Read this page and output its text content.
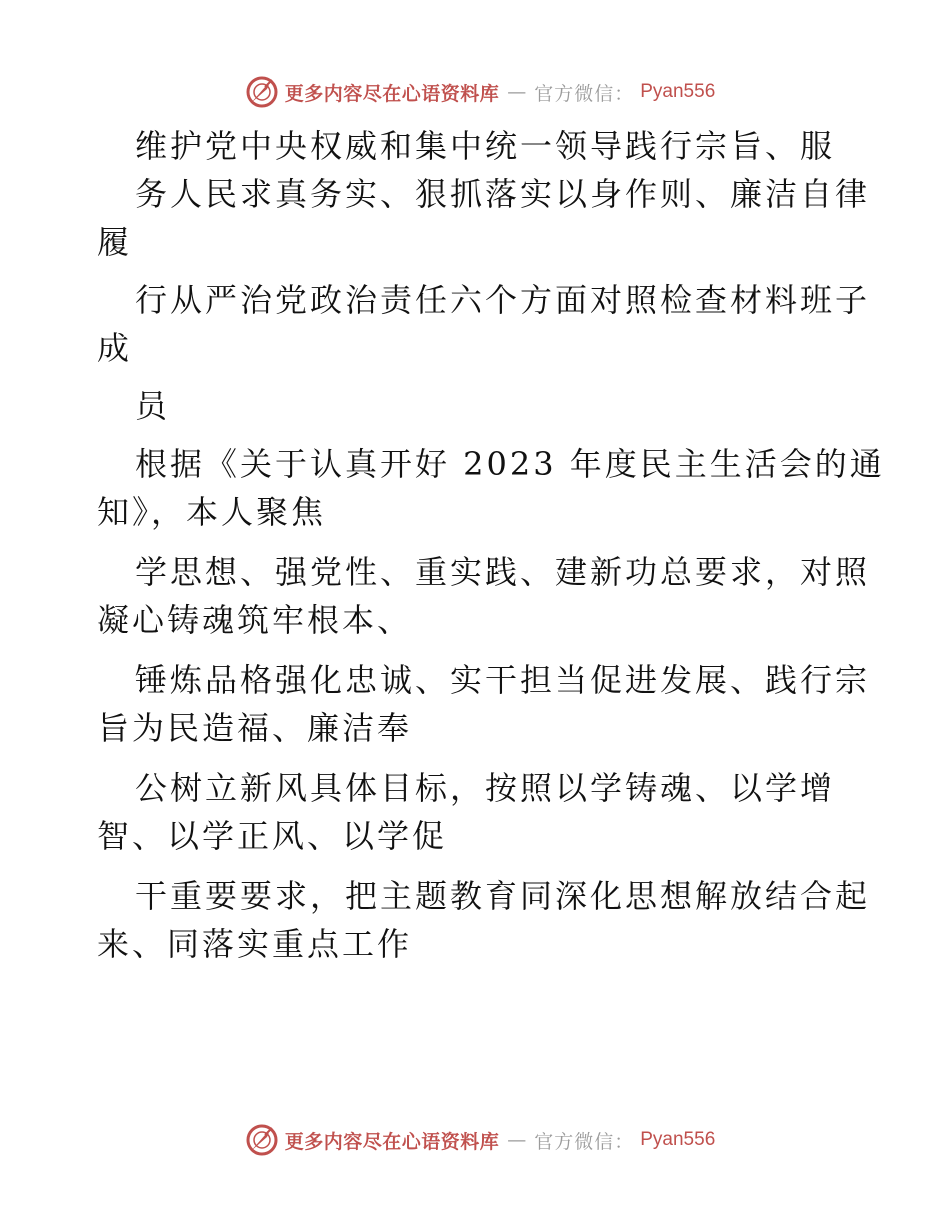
更多内容尽在心语资料库 — 官方微信： Pyan556
维护党中央权威和集中统一领导践行宗旨、服
务人民求真务实、狠抓落实以身作则、廉洁自律
履
行从严治党政治责任六个方面对照检查材料班子
成
员
根据《关于认真开好 2023 年度民主生活会的通
知》，本人聚焦
学思想、强党性、重实践、建新功总要求，对照
凝心铸魂筑牢根本、
锤炼品格强化忠诚、实干担当促进发展、践行宗
旨为民造福、廉洁奉
公树立新风具体目标，按照以学铸魂、以学增
智、以学正风、以学促
干重要要求，把主题教育同深化思想解放结合起
来、同落实重点工作
更多内容尽在心语资料库 — 官方微信： Pyan556
